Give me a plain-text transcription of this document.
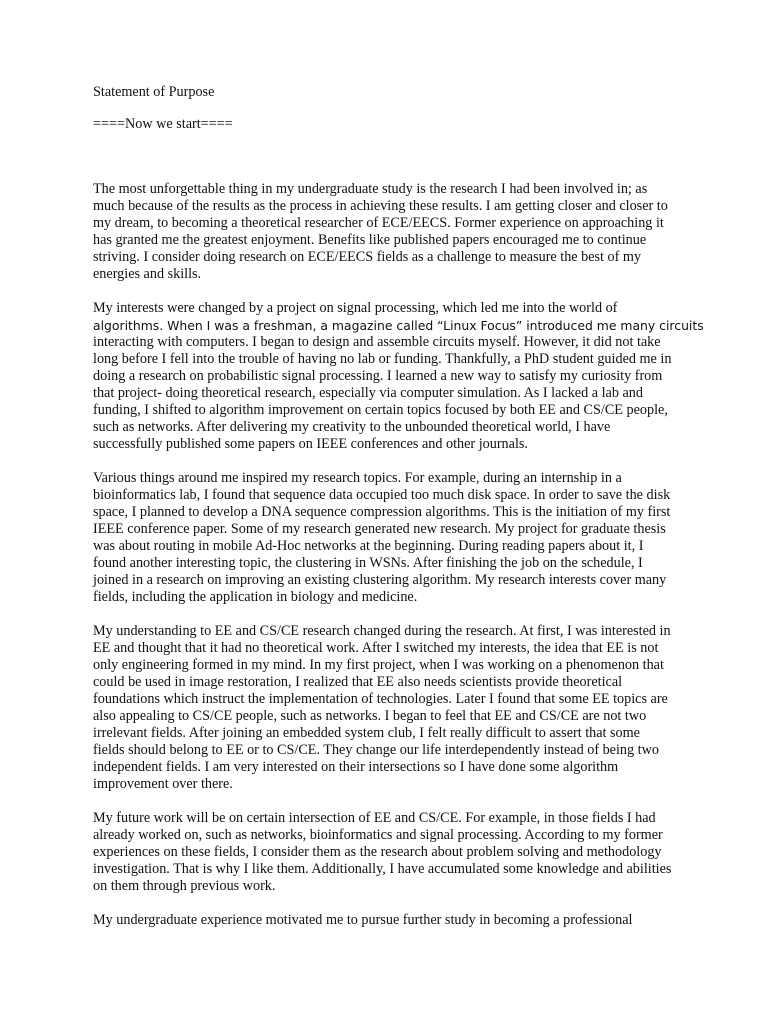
Statement of Purpose

====Now we start====

The most unforgettable thing in my undergraduate study is the research I had been involved in; as
much because of the results as the process in achieving these results. I am getting closer and closer to
my dream, to becoming a theoretical researcher of ECE/EECS. Former experience on approaching it
has granted me the greatest enjoyment. Benefits like published papers encouraged me to continue
striving. I consider doing research on ECE/EECS fields as a challenge to measure the best of my
energies and skills.
My interests were changed by a project on signal processing, which led me into the world of
algorithms. When I was a freshman, a magazine called “Linux Focus” introduced me many circuits
interacting with computers. I began to design and assemble circuits myself. However, it did not take
long before I fell into the trouble of having no lab or funding. Thankfully, a PhD student guided me in
doing a research on probabilistic signal processing. I learned a new way to satisfy my curiosity from
that project- doing theoretical research, especially via computer simulation. As I lacked a lab and
funding, I shifted to algorithm improvement on certain topics focused by both EE and CS/CE people,
such as networks. After delivering my creativity to the unbounded theoretical world, I have
successfully published some papers on IEEE conferences and other journals.
Various things around me inspired my research topics. For example, during an internship in a
bioinformatics lab, I found that sequence data occupied too much disk space. In order to save the disk
space, I planned to develop a DNA sequence compression algorithms. This is the initiation of my first
IEEE conference paper. Some of my research generated new research. My project for graduate thesis
was about routing in mobile Ad-Hoc networks at the beginning. During reading papers about it, I
found another interesting topic, the clustering in WSNs. After finishing the job on the schedule, I
joined in a research on improving an existing clustering algorithm. My research interests cover many
fields, including the application in biology and medicine.
My understanding to EE and CS/CE research changed during the research. At first, I was interested in
EE and thought that it had no theoretical work. After I switched my interests, the idea that EE is not
only engineering formed in my mind. In my first project, when I was working on a phenomenon that
could be used in image restoration, I realized that EE also needs scientists provide theoretical
foundations which instruct the implementation of technologies. Later I found that some EE topics are
also appealing to CS/CE people, such as networks. I began to feel that EE and CS/CE are not two
irrelevant fields. After joining an embedded system club, I felt really difficult to assert that some
fields should belong to EE or to CS/CE. They change our life interdependently instead of being two
independent fields. I am very interested on their intersections so I have done some algorithm
improvement over there.
My future work will be on certain intersection of EE and CS/CE. For example, in those fields I had
already worked on, such as networks, bioinformatics and signal processing. According to my former
experiences on these fields, I consider them as the research about problem solving and methodology
investigation. That is why I like them. Additionally, I have accumulated some knowledge and abilities
on them through previous work.
My undergraduate experience motivated me to pursue further study in becoming a professional
